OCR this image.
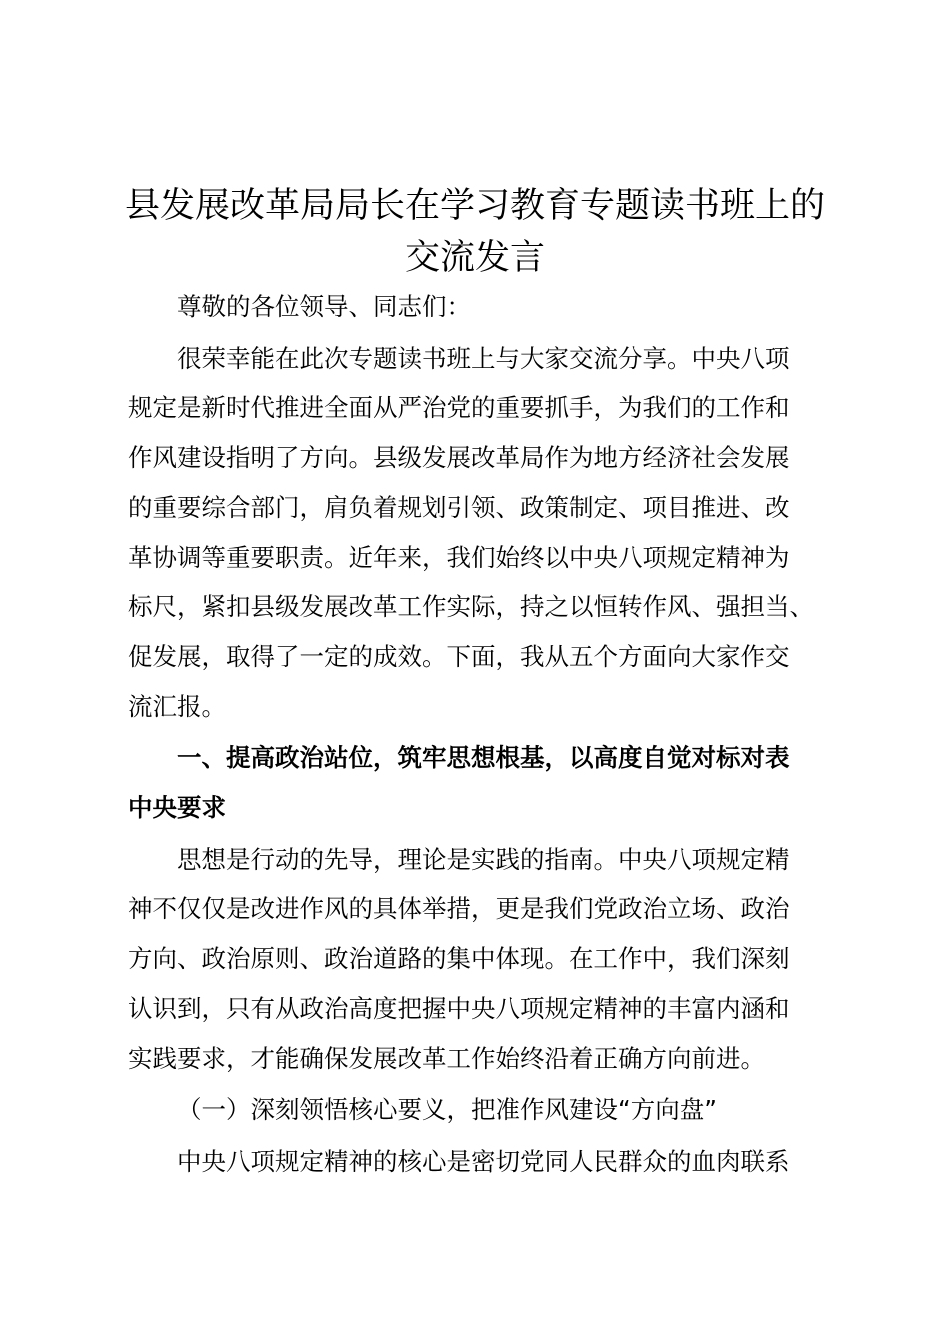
县发展改革局局长在学习教育专题读书班上的
交流发言

尊敬的各位领导、同志们：

很荣幸能在此次专题读书班上与大家交流分享。中央八项
规定是新时代推进全面从严治党的重要抓手，为我们的工作和
作风建设指明了方向。县级发展改革局作为地方经济社会发展
的重要综合部门，肩负着规划引领、政策制定、项目推进、改
革协调等重要职责。近年来，我们始终以中央八项规定精神为
标尺，紧扣县级发展改革工作实际，持之以恒转作风、强担当、
促发展，取得了一定的成效。下面，我从五个方面向大家作交
流汇报。

一、提高政治站位，筑牢思想根基，以高度自觉对标对表
中央要求

思想是行动的先导，理论是实践的指南。中央八项规定精
神不仅仅是改进作风的具体举措，更是我们党政治立场、政治
方向、政治原则、政治道路的集中体现。在工作中，我们深刻
认识到，只有从政治高度把握中央八项规定精神的丰富内涵和
实践要求，才能确保发展改革工作始终沿着正确方向前进。

（一）深刻领悟核心要义，把准作风建设“方向盘”

中央八项规定精神的核心是密切党同人民群众的血肉联系
